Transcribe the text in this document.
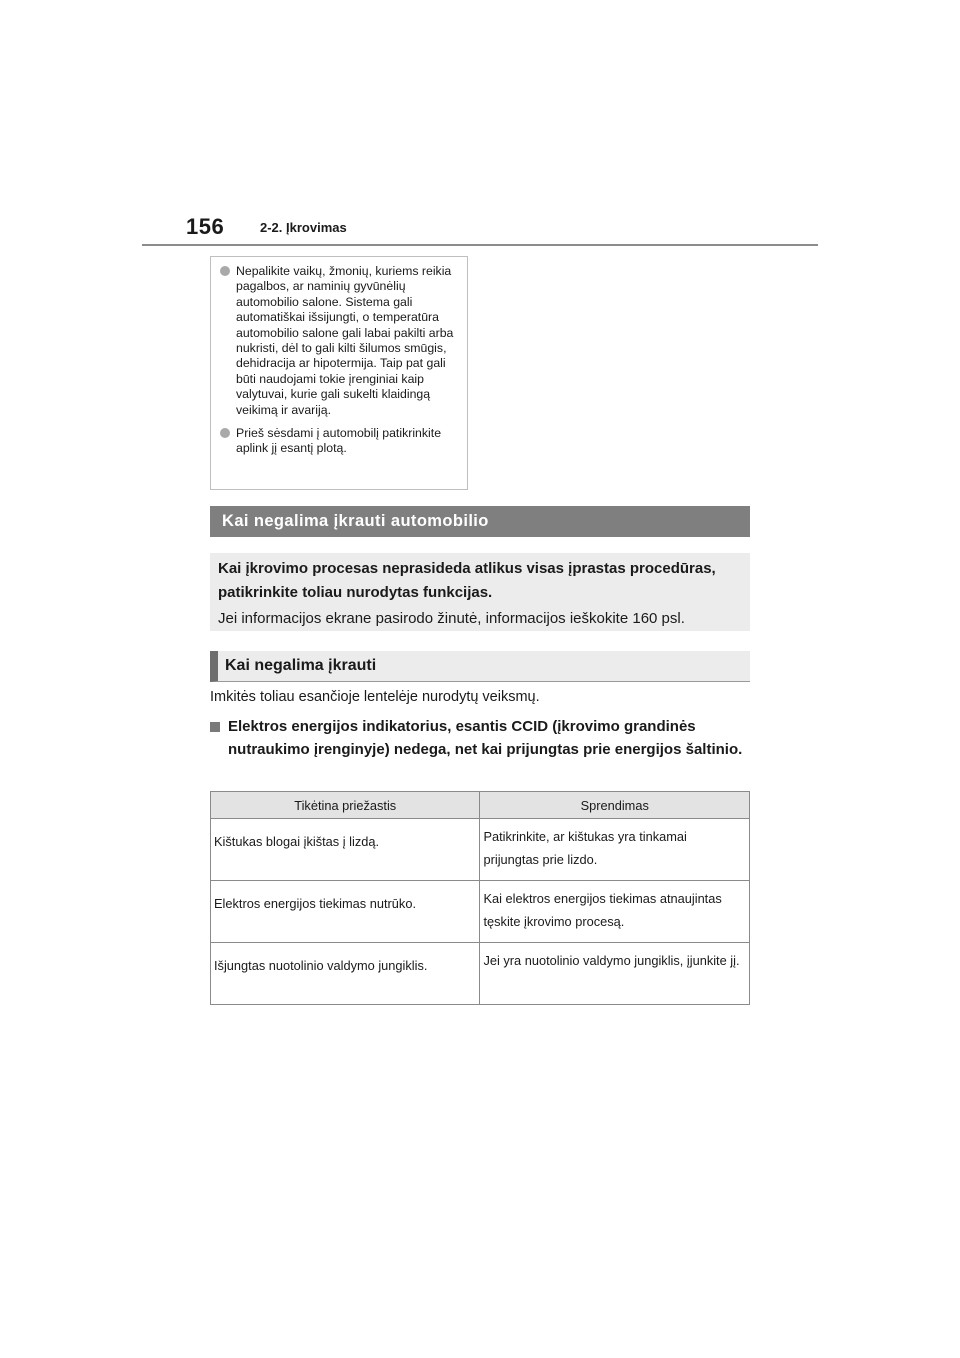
156	2-2. Įkrovimas
Nepalikite vaikų, žmonių, kuriems reikia pagalbos, ar naminių gyvūnėlių automobilio salone. Sistema gali automatiškai išsijungti, o temperatūra automobilio salone gali labai pakilti arba nukristi, dėl to gali kilti šilumos smūgis, dehidracija ar hipotermija. Taip pat gali būti naudojami tokie įrenginiai kaip valytuvai, kurie gali sukelti klaidingą veikimą ir avariją.
Prieš sėsdami į automobilį patikrinkite aplink jį esantį plotą.
Kai negalima įkrauti automobilio
Kai įkrovimo procesas neprasideda atlikus visas įprastas procedūras, patikrinkite toliau nurodytas funkcijas.
Jei informacijos ekrane pasirodo žinutė, informacijos ieškokite 160 psl.
Kai negalima įkrauti
Imkitės toliau esančioje lentelėje nurodytų veiksmų.
Elektros energijos indikatorius, esantis CCID (įkrovimo grandinės nutraukimo įrenginyje) nedega, net kai prijungtas prie energijos šaltinio.
Tikėtina priežastis	Sprendimas
Kištukas blogai įkištas į lizdą.	Patikrinkite, ar kištukas yra tinkamai prijungtas prie lizdo.
Elektros energijos tiekimas nutrūko.	Kai elektros energijos tiekimas atnaujintas tęskite įkrovimo procesą.
Išjungtas nuotolinio valdymo jungiklis.	Jei yra nuotolinio valdymo jungiklis, įjunkite jį.
